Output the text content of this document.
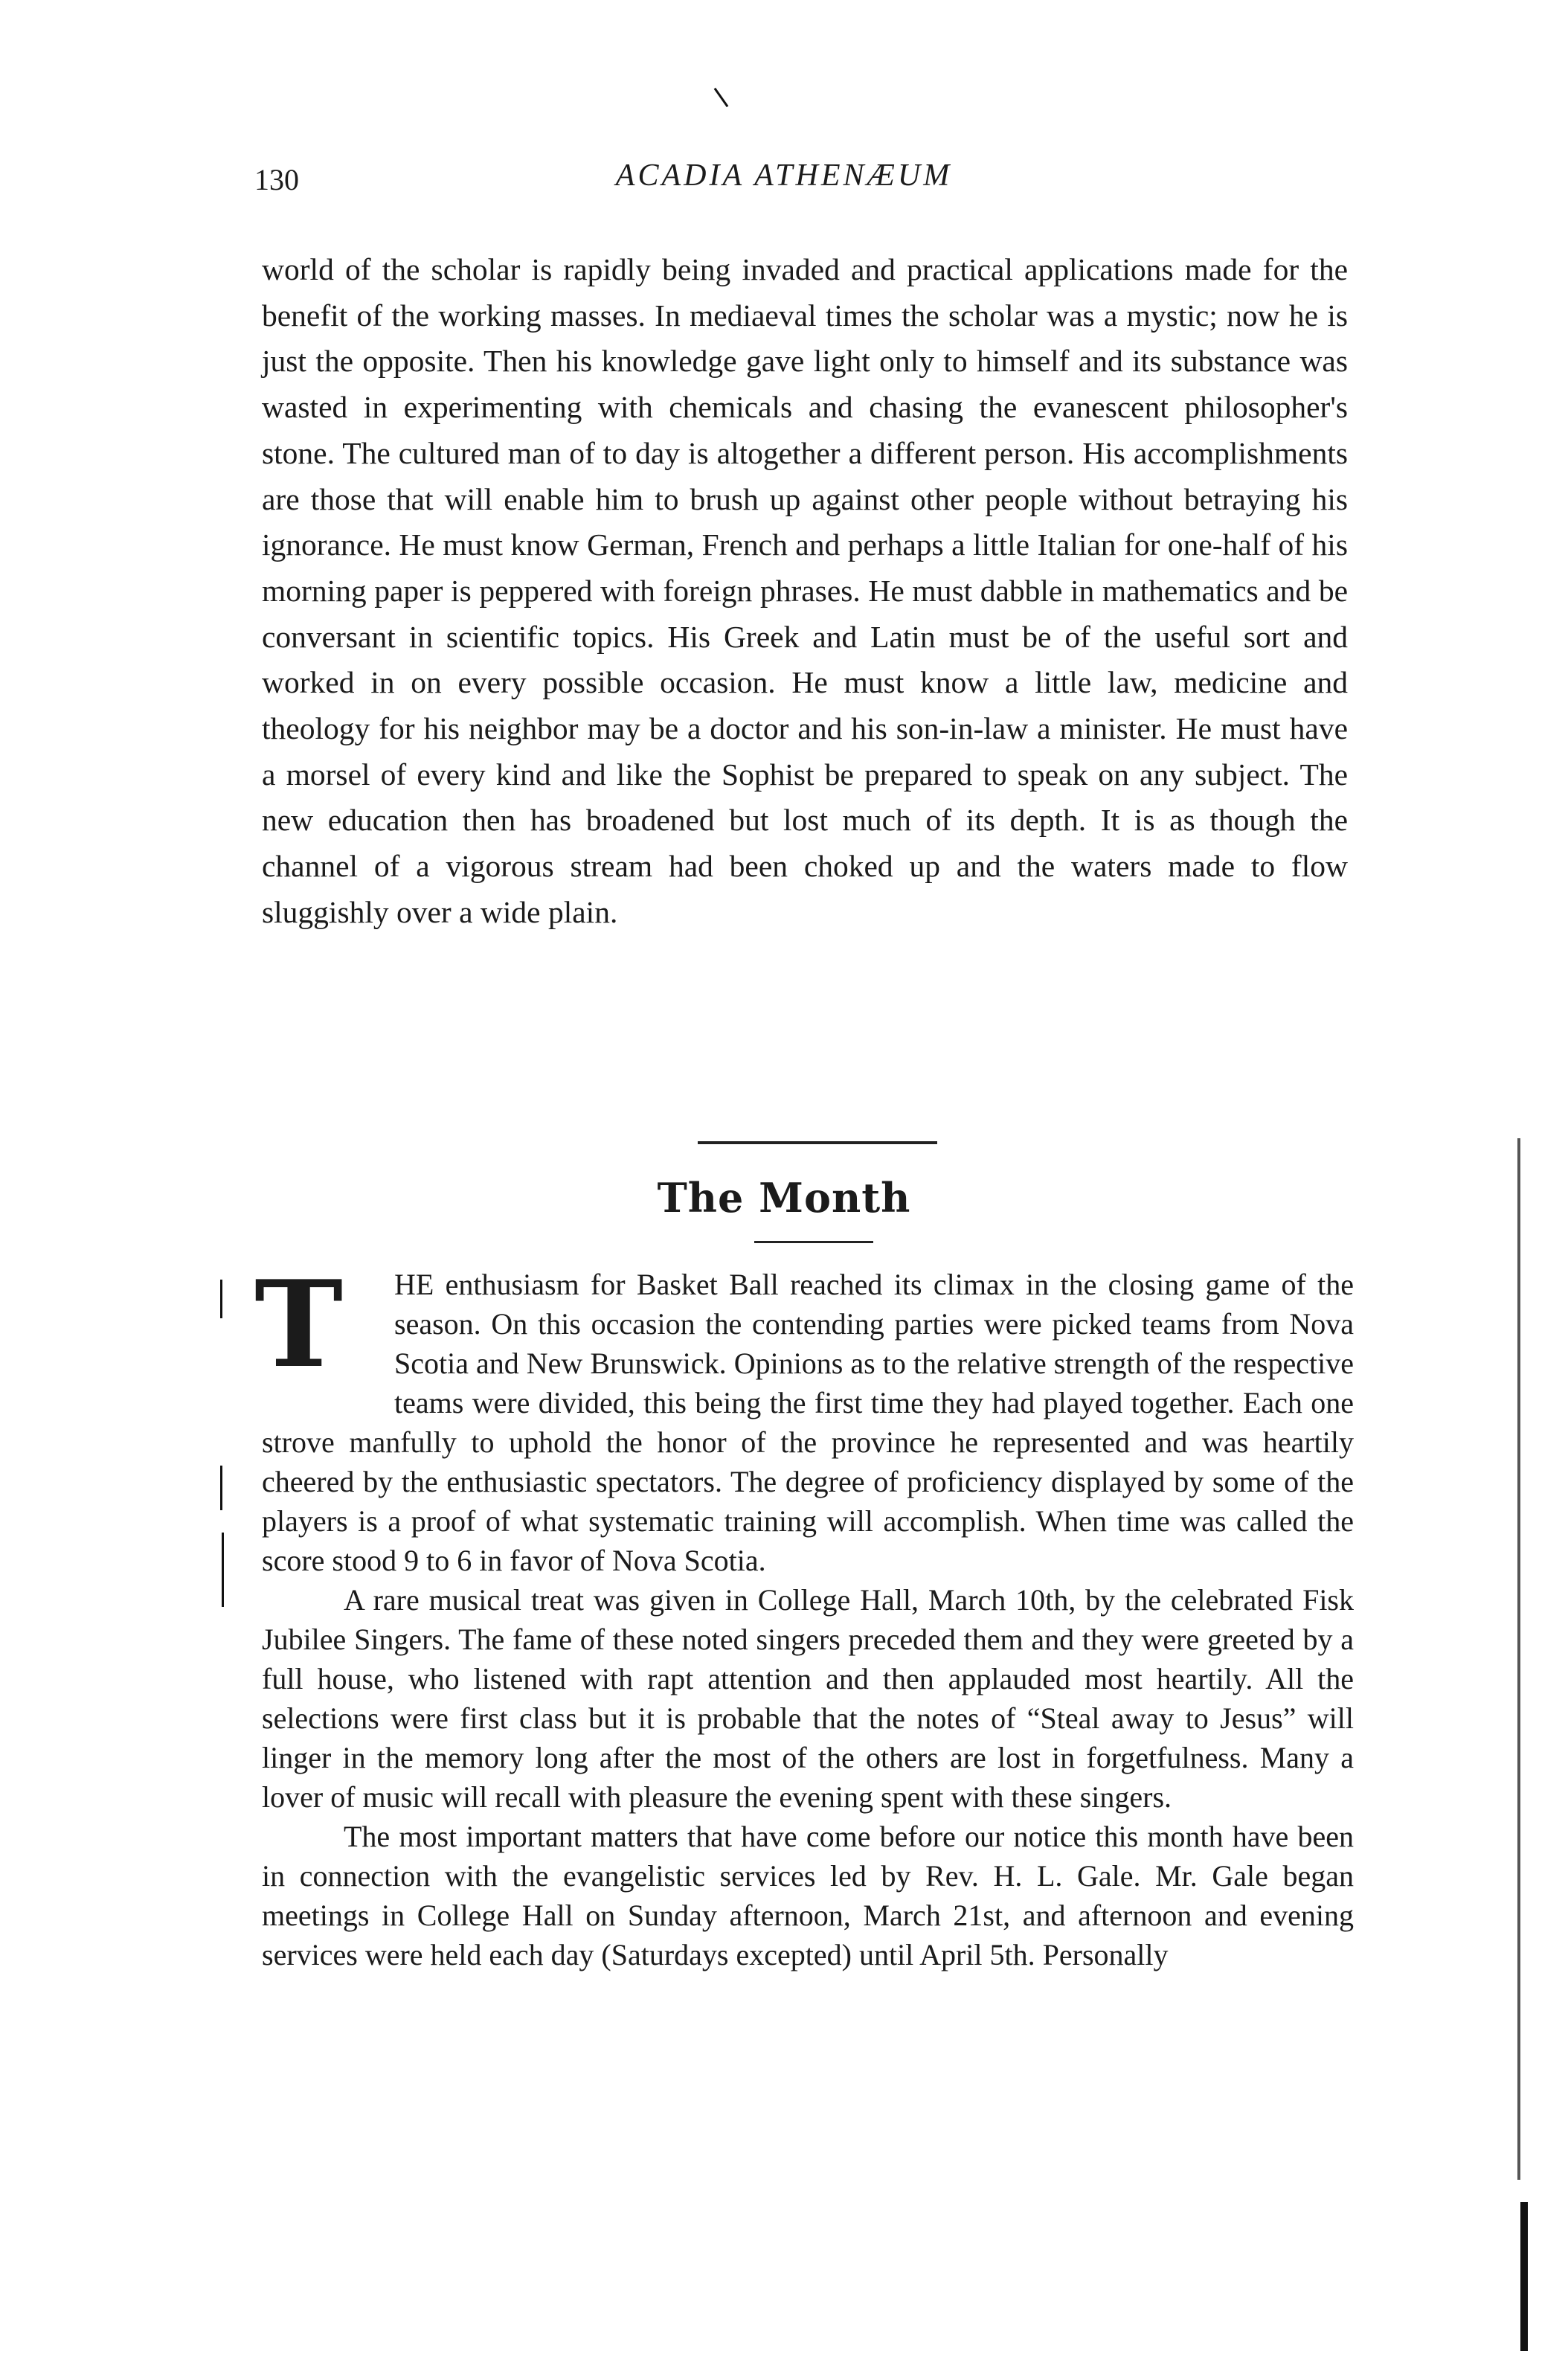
130	ACADIA ATHENÆUM

world of the scholar is rapidly being invaded and practical applications made for the benefit of the working masses. In mediaeval times the scholar was a mystic; now he is just the opposite. Then his knowledge gave light only to himself and its substance was wasted in experimenting with chemicals and chasing the evanescent philosopher's stone. The cultured man of to day is altogether a different person. His accomplishments are those that will enable him to brush up against other people without betraying his ignorance. He must know German, French and perhaps a little Italian for one-half of his morning paper is peppered with foreign phrases. He must dabble in mathematics and be conversant in scientific topics. His Greek and Latin must be of the useful sort and worked in on every possible occasion. He must know a little law, medicine and theology for his neighbor may be a doctor and his son-in-law a minister. He must have a morsel of every kind and like the Sophist be prepared to speak on any subject. The new education then has broadened but lost much of its depth. It is as though the channel of a vigorous stream had been choked up and the waters made to flow sluggishly over a wide plain.

The Month
T	HE enthusiasm for Basket Ball reached its climax in the closing game of the season. On this occasion the contending parties were picked teams from Nova Scotia and New Brunswick. Opinions as to the relative strength of the respective teams were divided, this being the first time they had played together. Each one strove manfully to uphold the honor of the province he represented and was heartily cheered by the enthusiastic spectators. The degree of proficiency displayed by some of the players is a proof of what systematic training will accomplish. When time was called the score stood 9 to 6 in favor of Nova Scotia.

A rare musical treat was given in College Hall, March 10th, by the celebrated Fisk Jubilee Singers. The fame of these noted singers preceded them and they were greeted by a full house, who listened with rapt attention and then applauded most heartily. All the selections were first class but it is probable that the notes of “Steal away to Jesus” will linger in the memory long after the most of the others are lost in forgetfulness. Many a lover of music will recall with pleasure the evening spent with these singers.

The most important matters that have come before our notice this month have been in connection with the evangelistic services led by Rev. H. L. Gale. Mr. Gale began meetings in College Hall on Sunday afternoon, March 21st, and afternoon and evening services were held each day (Saturdays excepted) until April 5th. Personally
